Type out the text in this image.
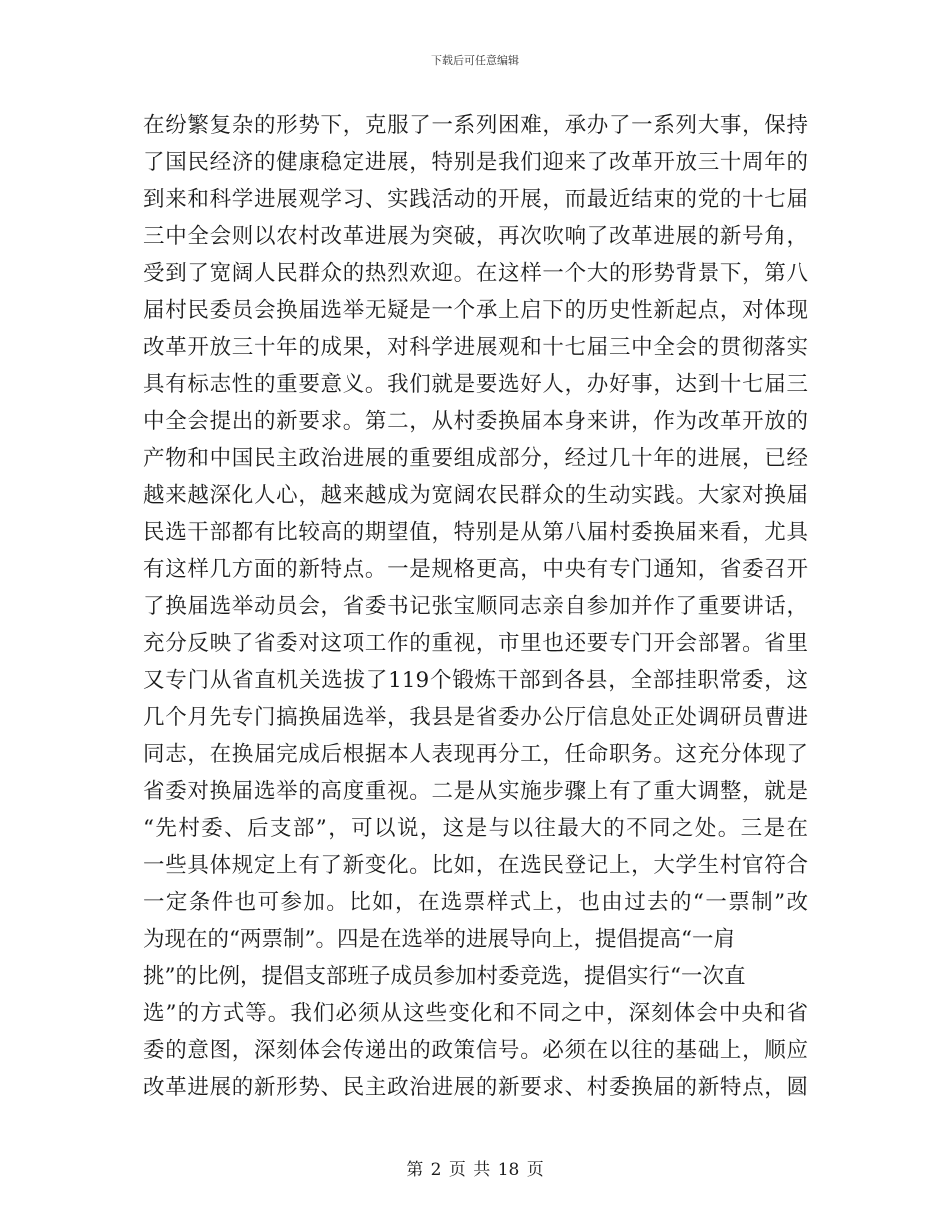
下载后可任意编辑
在纷繁复杂的形势下，克服了一系列困难，承办了一系列大事，保持
了国民经济的健康稳定进展，特别是我们迎来了改革开放三十周年的
到来和科学进展观学习、实践活动的开展，而最近结束的党的十七届
三中全会则以农村改革进展为突破，再次吹响了改革进展的新号角，
受到了宽阔人民群众的热烈欢迎。在这样一个大的形势背景下，第八
届村民委员会换届选举无疑是一个承上启下的历史性新起点，对体现
改革开放三十年的成果，对科学进展观和十七届三中全会的贯彻落实
具有标志性的重要意义。我们就是要选好人，办好事，达到十七届三
中全会提出的新要求。第二，从村委换届本身来讲，作为改革开放的
产物和中国民主政治进展的重要组成部分，经过几十年的进展，已经
越来越深化人心，越来越成为宽阔农民群众的生动实践。大家对换届
民选干部都有比较高的期望值，特别是从第八届村委换届来看，尤具
有这样几方面的新特点。一是规格更高，中央有专门通知，省委召开
了换届选举动员会，省委书记张宝顺同志亲自参加并作了重要讲话，
充分反映了省委对这项工作的重视，市里也还要专门开会部署。省里
又专门从省直机关选拔了119个锻炼干部到各县，全部挂职常委，这
几个月先专门搞换届选举，我县是省委办公厅信息处正处调研员曹进
同志，在换届完成后根据本人表现再分工，任命职务。这充分体现了
省委对换届选举的高度重视。二是从实施步骤上有了重大调整，就是
“先村委、后支部”，可以说，这是与以往最大的不同之处。三是在
一些具体规定上有了新变化。比如，在选民登记上，大学生村官符合
一定条件也可参加。比如，在选票样式上，也由过去的“一票制”改
为现在的“两票制”。四是在选举的进展导向上，提倡提高“一肩
挑”的比例，提倡支部班子成员参加村委竞选，提倡实行“一次直
选”的方式等。我们必须从这些变化和不同之中，深刻体会中央和省
委的意图，深刻体会传递出的政策信号。必须在以往的基础上，顺应
改革进展的新形势、民主政治进展的新要求、村委换届的新特点，圆
第 2 页 共 18 页
